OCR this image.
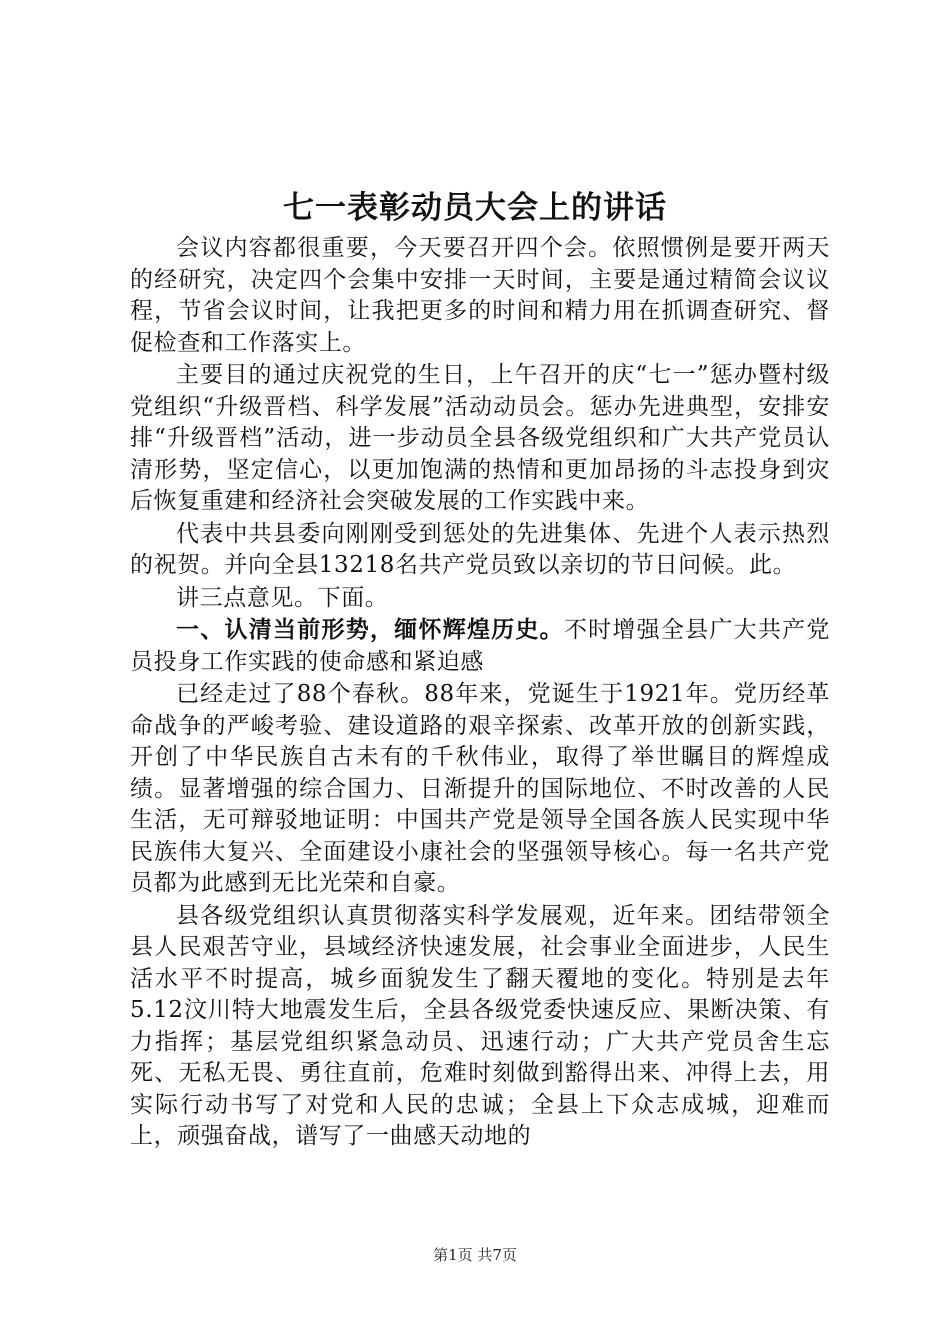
七一表彰动员大会上的讲话

会议内容都很重要，今天要召开四个会。依照惯例是要开两天的经研究，决定四个会集中安排一天时间，主要是通过精简会议议程，节省会议时间，让我把更多的时间和精力用在抓调查研究、督促检查和工作落实上。

主要目的通过庆祝党的生日，上午召开的庆“七一”惩办暨村级党组织“升级晋档、科学发展”活动动员会。惩办先进典型，安排安排“升级晋档”活动，进一步动员全县各级党组织和广大共产党员认清形势，坚定信心，以更加饱满的热情和更加昂扬的斗志投身到灾后恢复重建和经济社会突破发展的工作实践中来。

代表中共县委向刚刚受到惩处的先进集体、先进个人表示热烈的祝贺。并向全县13218名共产党员致以亲切的节日问候。此。

讲三点意见。下面。

一、认清当前形势，缅怀辉煌历史。不时增强全县广大共产党员投身工作实践的使命感和紧迫感

已经走过了88个春秋。88年来，党诞生于1921年。党历经革命战争的严峻考验、建设道路的艰辛探索、改革开放的创新实践，开创了中华民族自古未有的千秋伟业，取得了举世瞩目的辉煌成绩。显著增强的综合国力、日渐提升的国际地位、不时改善的人民生活，无可辩驳地证明：中国共产党是领导全国各族人民实现中华民族伟大复兴、全面建设小康社会的坚强领导核心。每一名共产党员都为此感到无比光荣和自豪。

县各级党组织认真贯彻落实科学发展观，近年来。团结带领全县人民艰苦守业，县域经济快速发展，社会事业全面进步，人民生活水平不时提高，城乡面貌发生了翻天覆地的变化。特别是去年5.12汶川特大地震发生后，全县各级党委快速反应、果断决策、有力指挥；基层党组织紧急动员、迅速行动；广大共产党员舍生忘死、无私无畏、勇往直前，危难时刻做到豁得出来、冲得上去，用实际行动书写了对党和人民的忠诚；全县上下众志成城，迎难而上，顽强奋战，谱写了一曲感天动地的

第1页 共7页
